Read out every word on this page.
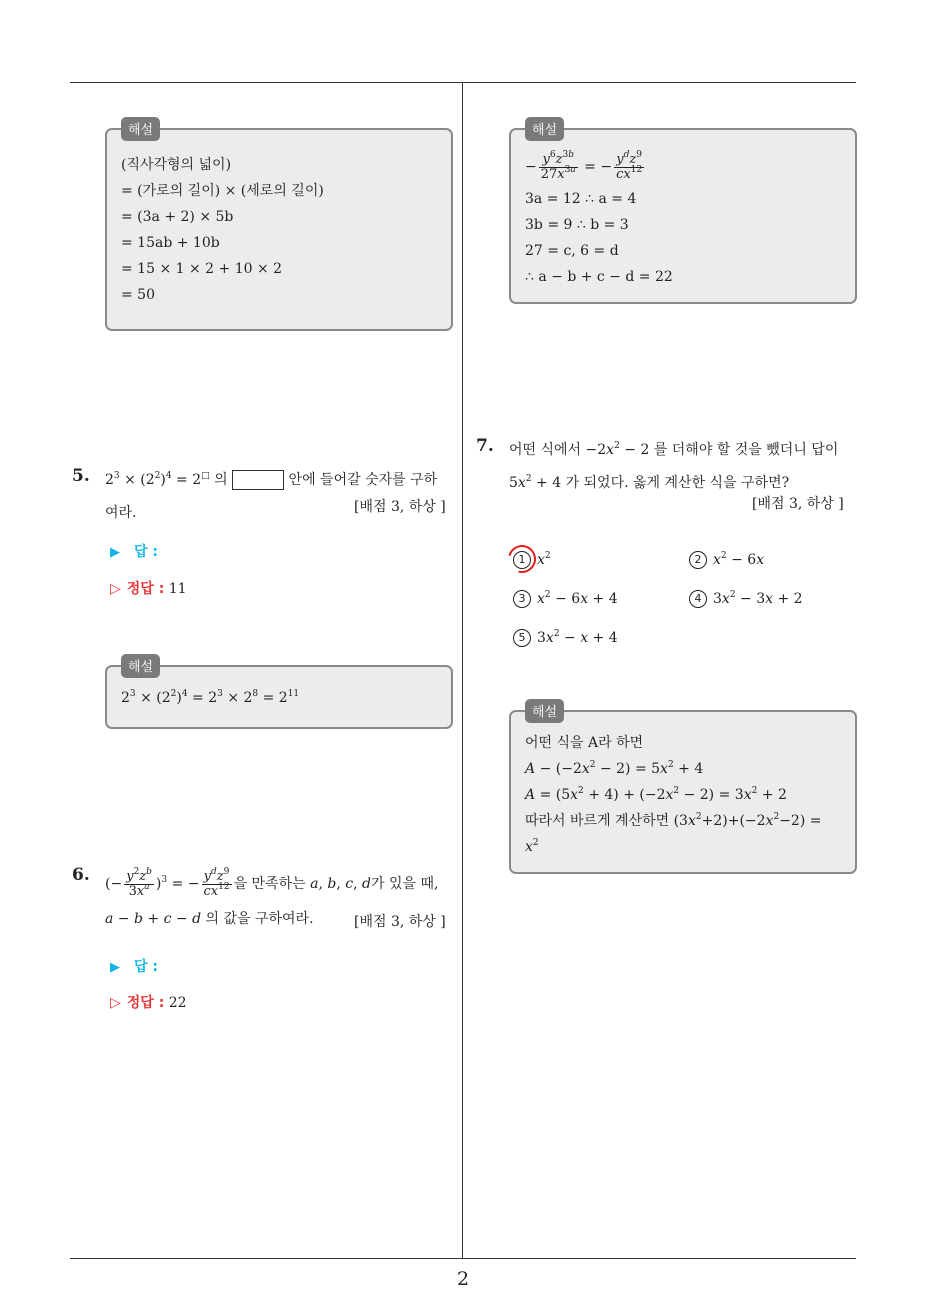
2
해설
(직사각형의 넓이)
= (가로의 길이) × (세로의 길이)
= (3a + 2) × 5b
= 15ab + 10b
= 15 × 1 × 2 + 10 × 2
= 50
5. $2^3 \times (2^2)^4 = 2^□$ 의	안에 들어갈 숫자를 구하
여라.	[배점 3, 하상 ]
▶ 답 :
▷ 정답 : 11
해설
$2^3 \times (2^2)^4 = 2^3 \times 2^8 = 2^{11}$
6. (− $\frac{y^2z^b}{3x^a} )^3$ = − $\frac{y^dz^9}{cx^{12}}$ 을 만족하는 a, b, c, d가 있을 때,
a − b + c − d 의 값을 구하여라.	[배점 3, 하상 ]
▶ 답 :
▷ 정답 : 22
해설
− $\frac{y^6z^{3b}}{27x^{3a}}$ = − $\frac{y^dz^9}{cx^{12}}$
3a = 12 ∴ a = 4
3b = 9 ∴ b = 3
27 = c, 6 = d
∴ a − b + c − d = 22
7. 어떤 식에서 $-2x^2 - 2$ 를 더해야 할 것을 뺐더니 답이
$5x^2 + 4$ 가 되었다. 옳게 계산한 식을 구하면?
[배점 3, 하상 ]
1 $x^2$	2 $x^2 - 6x$
3 $x^2 - 6x + 4$	4 $3x^2 - 3x + 2$
5 $3x^2 - x + 4$
해설
어떤 식을 A라 하면
$A - (-2x^2 - 2) = 5x^2 + 4$
$A = (5x^2 + 4) + (-2x^2 - 2) = 3x^2 + 2$
따라서 바르게 계산하면 $(3x^2+2)+(-2x^2-2)$ =
$x^2$
